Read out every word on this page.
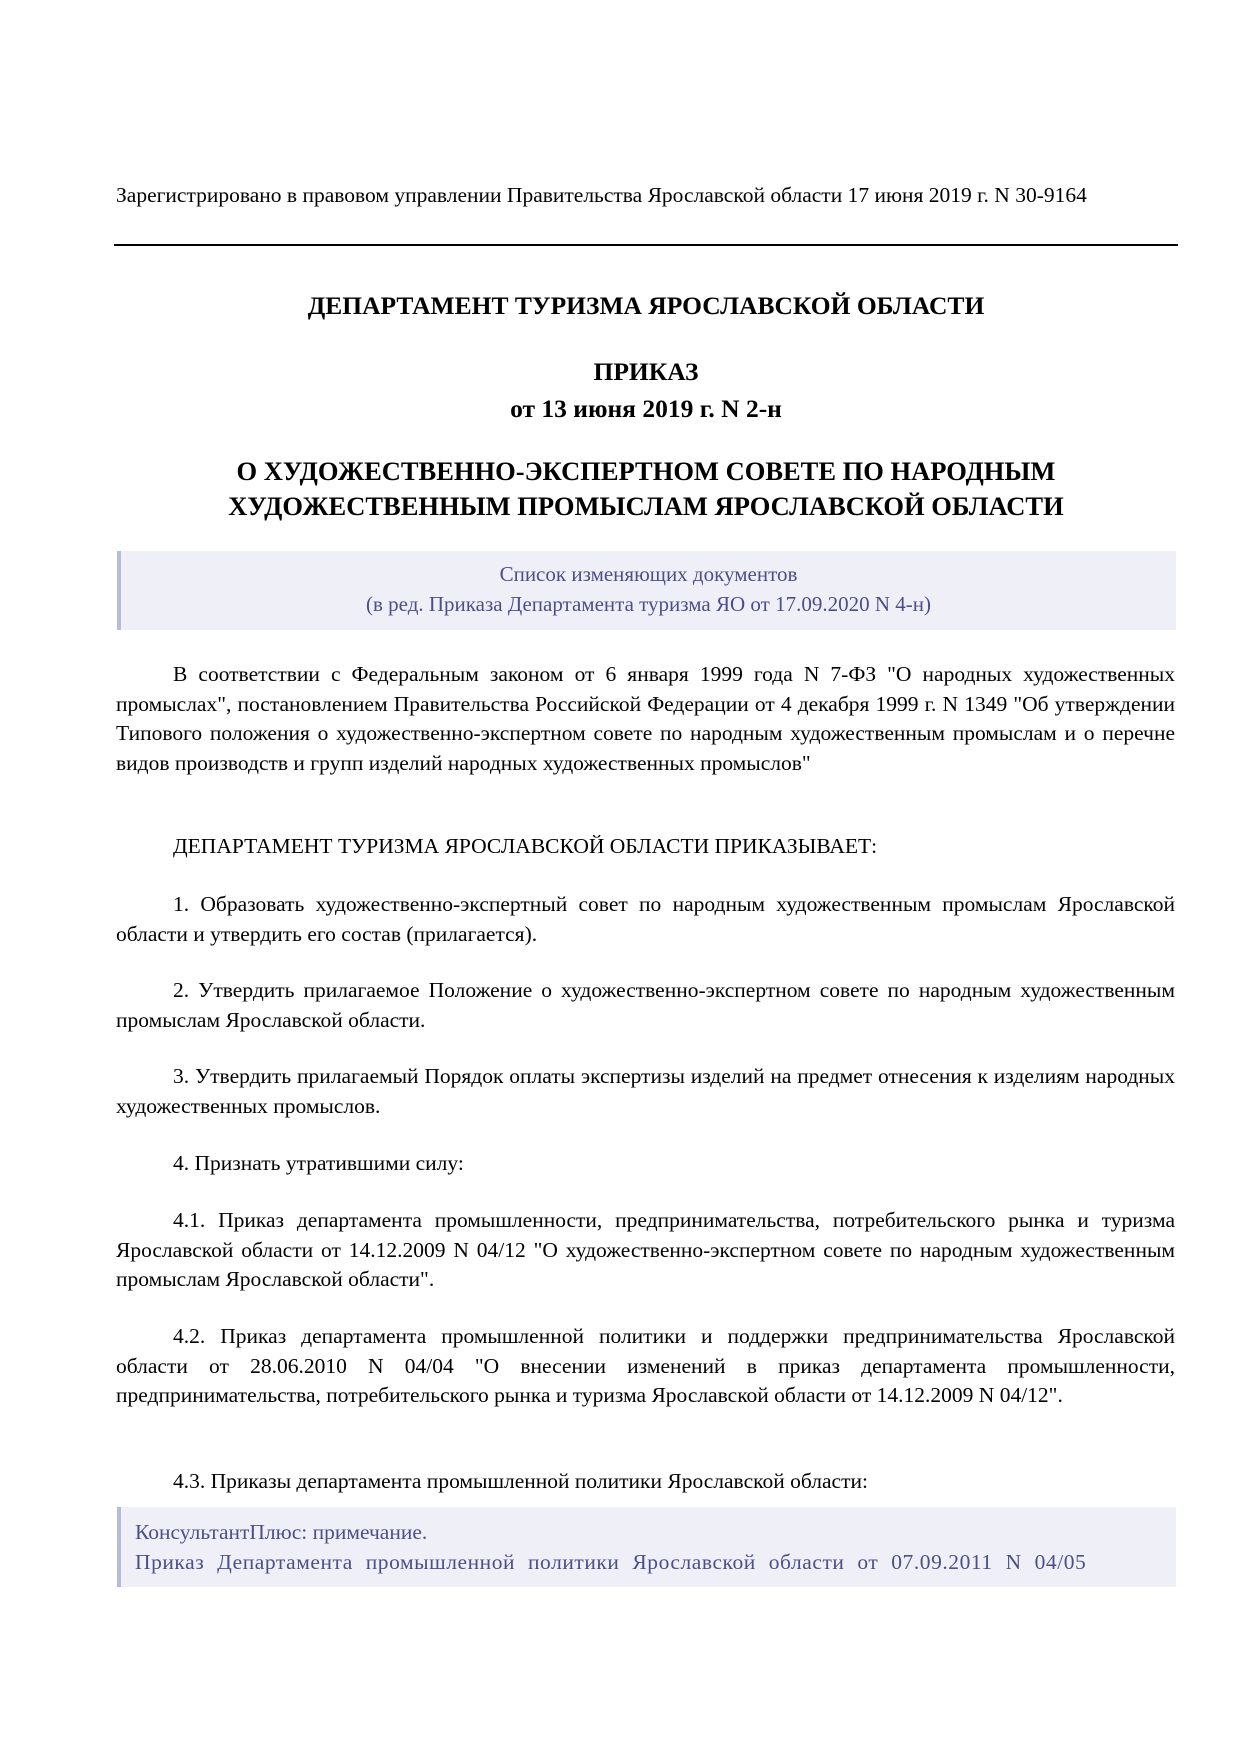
Зарегистрировано в правовом управлении Правительства Ярославской области 17 июня 2019 г. N 30-9164
ДЕПАРТАМЕНТ ТУРИЗМА ЯРОСЛАВСКОЙ ОБЛАСТИ
ПРИКАЗ
от 13 июня 2019 г. N 2-н
О ХУДОЖЕСТВЕННО-ЭКСПЕРТНОМ СОВЕТЕ ПО НАРОДНЫМ ХУДОЖЕСТВЕННЫМ ПРОМЫСЛАМ ЯРОСЛАВСКОЙ ОБЛАСТИ
Список изменяющих документов
(в ред. Приказа Департамента туризма ЯО от 17.09.2020 N 4-н)
В соответствии с Федеральным законом от 6 января 1999 года N 7-ФЗ "О народных художественных промыслах", постановлением Правительства Российской Федерации от 4 декабря 1999 г. N 1349 "Об утверждении Типового положения о художественно-экспертном совете по народным художественным промыслам и о перечне видов производств и групп изделий народных художественных промыслов"
ДЕПАРТАМЕНТ ТУРИЗМА ЯРОСЛАВСКОЙ ОБЛАСТИ ПРИКАЗЫВАЕТ:
1. Образовать художественно-экспертный совет по народным художественным промыслам Ярославской области и утвердить его состав (прилагается).
2. Утвердить прилагаемое Положение о художественно-экспертном совете по народным художественным промыслам Ярославской области.
3. Утвердить прилагаемый Порядок оплаты экспертизы изделий на предмет отнесения к изделиям народных художественных промыслов.
4. Признать утратившими силу:
4.1. Приказ департамента промышленности, предпринимательства, потребительского рынка и туризма Ярославской области от 14.12.2009 N 04/12 "О художественно-экспертном совете по народным художественным промыслам Ярославской области".
4.2. Приказ департамента промышленной политики и поддержки предпринимательства Ярославской области от 28.06.2010 N 04/04 "О внесении изменений в приказ департамента промышленности, предпринимательства, потребительского рынка и туризма Ярославской области от 14.12.2009 N 04/12".
4.3. Приказы департамента промышленной политики Ярославской области:
КонсультантПлюс: примечание.
Приказ Департамента промышленной политики Ярославской области от 07.09.2011 N 04/05
